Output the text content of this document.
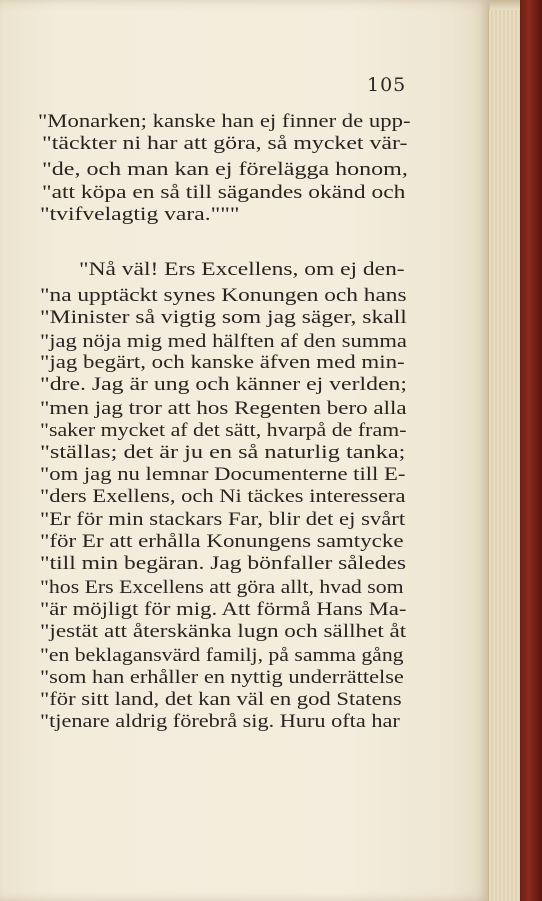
105
"Monarken; kanske han ej finner de upp-
"täckter ni har att göra, så mycket vär-
"de, och man kan ej förelägga honom,
"att köpa en så till sägandes okänd och
"tvifvelagtig vara."""
"Nå väl! Ers Excellens, om ej den-
"na upptäckt synes Konungen och hans
"Minister så vigtig som jag säger, skall
"jag nöja mig med hälften af den summa
"jag begärt, och kanske äfven med min-
"dre. Jag är ung och känner ej verlden;
"men jag tror att hos Regenten bero alla
"saker mycket af det sätt, hvarpå de fram-
"ställas; det är ju en så naturlig tanka;
"om jag nu lemnar Documenterne till E-
"ders Exellens, och Ni täckes interessera
"Er för min stackars Far, blir det ej svårt
"för Er att erhålla Konungens samtycke
"till min begäran. Jag bönfaller således
"hos Ers Excellens att göra allt, hvad som
"är möjligt för mig. Att förmå Hans Ma-
"jestät att återskänka lugn och sällhet åt
"en beklagansvärd familj, på samma gång
"som han erhåller en nyttig underrättelse
"för sitt land, det kan väl en god Statens
"tjenare aldrig förebrå sig. Huru ofta har
